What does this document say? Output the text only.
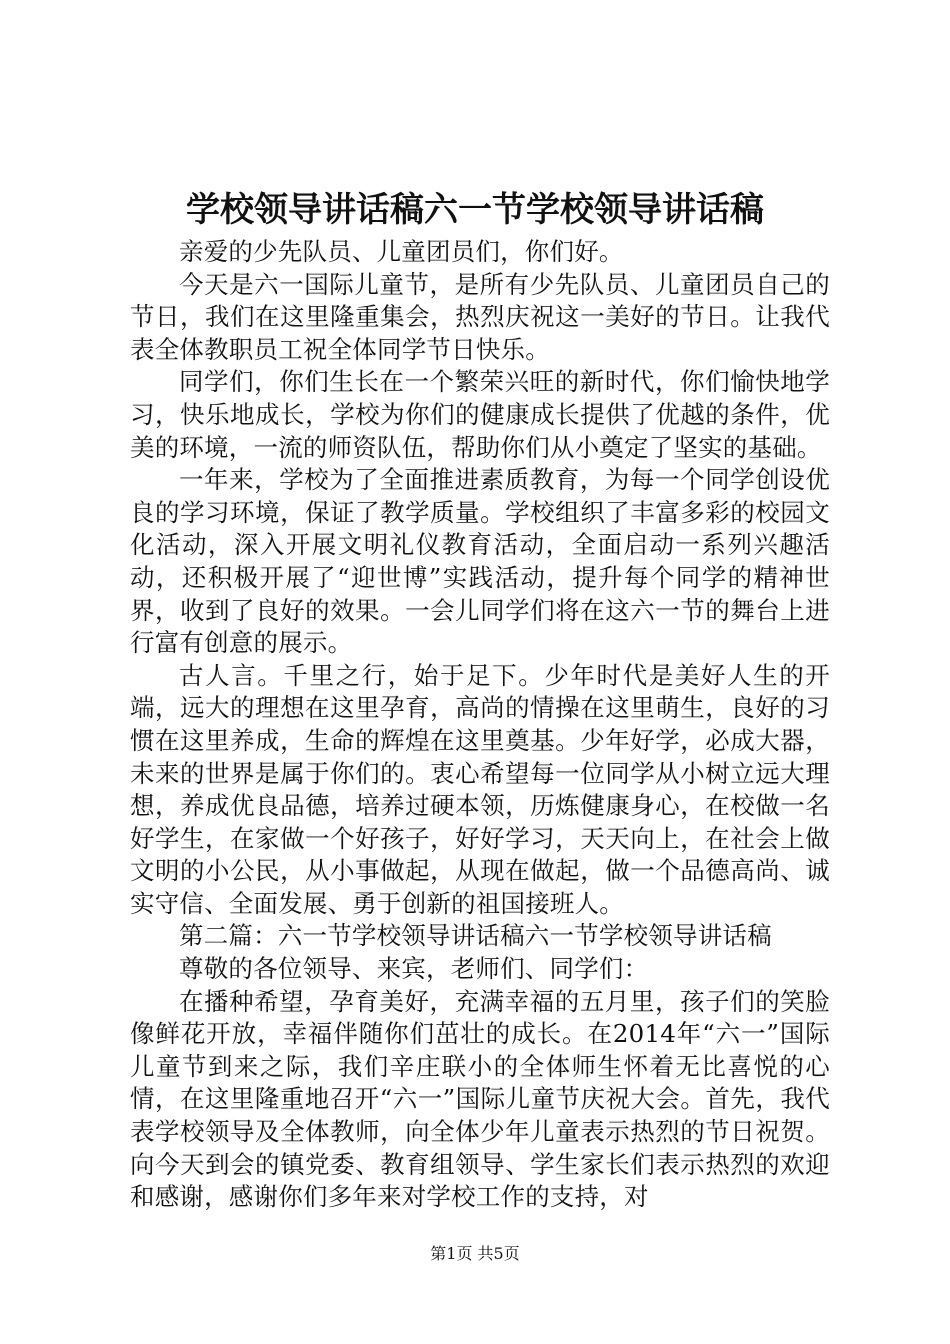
学校领导讲话稿六一节学校领导讲话稿

亲爱的少先队员、儿童团员们，你们好。

今天是六一国际儿童节，是所有少先队员、儿童团员自己的节日，我们在这里隆重集会，热烈庆祝这一美好的节日。让我代表全体教职员工祝全体同学节日快乐。

同学们，你们生长在一个繁荣兴旺的新时代，你们愉快地学习，快乐地成长，学校为你们的健康成长提供了优越的条件，优美的环境，一流的师资队伍，帮助你们从小奠定了坚实的基础。

一年来，学校为了全面推进素质教育，为每一个同学创设优良的学习环境，保证了教学质量。学校组织了丰富多彩的校园文化活动，深入开展文明礼仪教育活动，全面启动一系列兴趣活动，还积极开展了“迎世博”实践活动，提升每个同学的精神世界，收到了良好的效果。一会儿同学们将在这六一节的舞台上进行富有创意的展示。

古人言。千里之行，始于足下。少年时代是美好人生的开端，远大的理想在这里孕育，高尚的情操在这里萌生，良好的习惯在这里养成，生命的辉煌在这里奠基。少年好学，必成大器，未来的世界是属于你们的。衷心希望每一位同学从小树立远大理想，养成优良品德，培养过硬本领，历炼健康身心，在校做一名好学生，在家做一个好孩子，好好学习，天天向上，在社会上做文明的小公民，从小事做起，从现在做起，做一个品德高尚、诚实守信、全面发展、勇于创新的祖国接班人。

第二篇：六一节学校领导讲话稿六一节学校领导讲话稿

尊敬的各位领导、来宾，老师们、同学们：

在播种希望，孕育美好，充满幸福的五月里，孩子们的笑脸像鲜花开放，幸福伴随你们茁壮的成长。在2014年“六一”国际儿童节到来之际，我们辛庄联小的全体师生怀着无比喜悦的心情，在这里隆重地召开“六一”国际儿童节庆祝大会。首先，我代表学校领导及全体教师，向全体少年儿童表示热烈的节日祝贺。向今天到会的镇党委、教育组领导、学生家长们表示热烈的欢迎和感谢，感谢你们多年来对学校工作的支持，对

第1页 共5页
